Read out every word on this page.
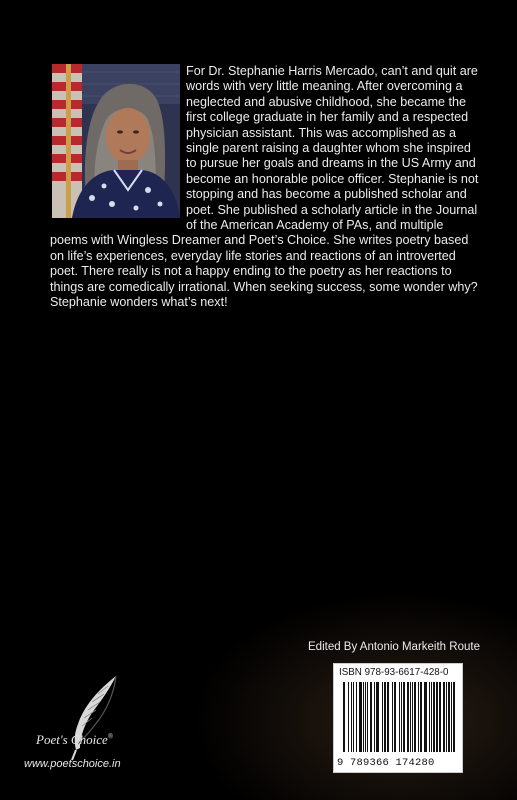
For Dr. Stephanie Harris Mercado, can’t and quit are words with very little meaning. After overcoming a neglected and abusive childhood, she became the first college graduate in her family and a respected physician assistant. This was accomplished as a single parent raising a daughter whom she inspired to pursue her goals and dreams in the US Army and become an honorable police officer. Stephanie is not stopping and has become a published scholar and poet. She published a scholarly article in the Journal of the American Academy of PAs, and multiple poems with Wingless Dreamer and Poet’s Choice. She writes poetry based on life’s experiences, everyday life stories and reactions of an introverted poet. There really is not a happy ending to the poetry as her reactions to things are comedically irrational. When seeking success, some wonder why? Stephanie wonders what’s next!

Edited By Antonio Markeith Route
ISBN 978-93-6617-428-0
9 789366 174280
Poet's Choice®
www.poetschoice.in
